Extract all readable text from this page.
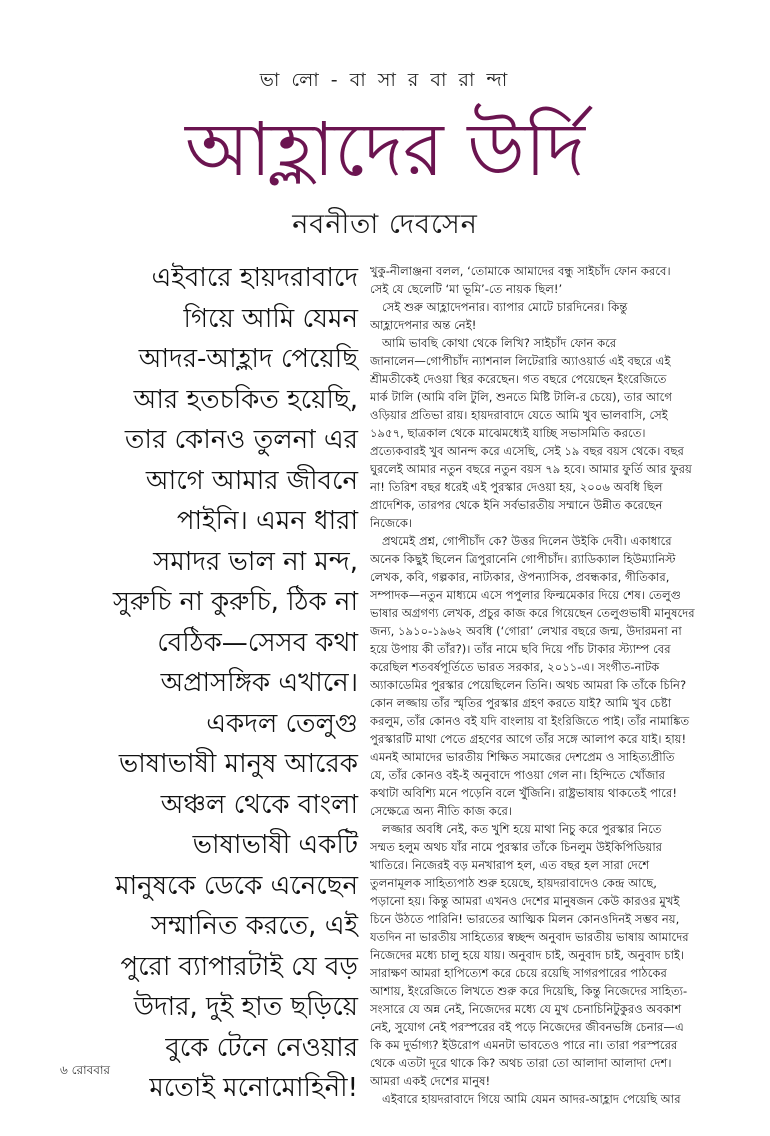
ভা লো - বা সা র বা রা ন্দা
আহ্লাদের উর্দি
নবনীতা দেবসেন
এইবারে হায়দরাবাদে
গিয়ে আমি যেমন
আদর-আহ্লাদ পেয়েছি
আর হতচকিত হয়েছি,
তার কোনও তুলনা এর
আগে আমার জীবনে
পাইনি। এমন ধারা
সমাদর ভাল না মন্দ,
সুরুচি না কুরুচি, ঠিক না
বেঠিক—সেসব কথা
অপ্রাসঙ্গিক এখানে।
একদল তেলুগু
ভাষাভাষী মানুষ আরেক
অঞ্চল থেকে বাংলা
ভাষাভাষী একটি
মানুষকে ডেকে এনেছেন
সম্মানিত করতে, এই
পুরো ব্যাপারটাই যে বড়
উদার, দুই হাত ছড়িয়ে
বুকে টেনে নেওয়ার
মতোই মনোমোহিনী!
খুকু-নীলাঞ্জনা বলল, ‘তোমাকে আমাদের বন্ধু সাইচাঁদ ফোন করবে।
সেই যে ছেলেটি ‘মা ভূমি’-তে নায়ক ছিল!’
সেই শুরু আহ্লাদেপনার। ব্যাপার মোটে চারদিনের। কিন্তু
আহ্লাদেপনার অন্ত নেই!
আমি ভাবছি কোথা থেকে লিখি? সাইচাঁদ ফোন করে
জানালেন—গোপীচাঁদ ন্যাশনাল লিটেরারি অ্যাওয়ার্ড এই বছরে এই
শ্রীমতীকেই দেওয়া স্থির করেছেন। গত বছরে পেয়েছেন ইংরেজিতে
মার্ক টালি (আমি বলি টুলি, শুনতে মিষ্টি টালি-র চেয়ে), তার আগে
ওড়িয়ার প্রতিভা রায়। হায়দরাবাদে যেতে আমি খুব ভালবাসি, সেই
১৯৫৭, ছাত্রকাল থেকে মাঝেমধ্যেই যাচ্ছি সভাসমিতি করতে।
প্রত্যেকবারই খুব আনন্দ করে এসেছি, সেই ১৯ বছর বয়স থেকে। বছর
ঘুরলেই আমার নতুন বছরে নতুন বয়স ৭৯ হবে। আমার ফুর্তি আর ফুরয়
না! তিরিশ বছর ধরেই এই পুরস্কার দেওয়া হয়, ২০০৬ অবধি ছিল
প্রাদেশিক, তারপর থেকে ইনি সর্বভারতীয় সম্মানে উন্নীত করেছেন
নিজেকে।
প্রথমেই প্রশ্ন, গোপীচাঁদ কে? উত্তর দিলেন উইকি দেবী। একাধারে
অনেক কিছুই ছিলেন ত্রিপুরানেনি গোপীচাঁদ। র‍্যাডিক্যাল হিউম্যানিস্ট
লেখক, কবি, গল্পকার, নাট্যকার, ঔপন্যাসিক, প্রবন্ধকার, গীতিকার,
সম্পাদক—নতুন মাধ্যমে এসে পপুলার ফিল্মমেকার দিয়ে শেষ। তেলুগু
ভাষার অগ্রগণ্য লেখক, প্রচুর কাজ করে গিয়েছেন তেলুগুভাষী মানুষদের
জন্য, ১৯১০-১৯৬২ অবধি (‘গোরা’ লেখার বছরে জন্ম, উদারমনা না
হয়ে উপায় কী তাঁর?)। তাঁর নামে ছবি দিয়ে পাঁচ টাকার স্ট্যাম্প বের
করেছিল শতবর্ষপূর্তিতে ভারত সরকার, ২০১১-এ। সংগীত-নাটক
অ্যাকাডেমির পুরস্কার পেয়েছিলেন তিনি। অথচ আমরা কি তাঁকে চিনি?
কোন লজ্জায় তাঁর স্মৃতির পুরস্কার গ্রহণ করতে যাই? আমি খুব চেষ্টা
করলুম, তাঁর কোনও বই যদি বাংলায় বা ইংরিজিতে পাই। তাঁর নামাঙ্কিত
পুরস্কারটি মাথা পেতে গ্রহণের আগে তাঁর সঙ্গে আলাপ করে যাই। হায়!
এমনই আমাদের ভারতীয় শিক্ষিত সমাজের দেশপ্রেম ও সাহিত্যপ্রীতি
যে, তাঁর কোনও বই-ই অনুবাদে পাওয়া গেল না। হিন্দিতে খোঁজার
কথাটা অবিশ্যি মনে পড়েনি বলে খুঁজিনি। রাষ্ট্রভাষায় থাকতেই পারে!
সেক্ষেত্রে অন্য নীতি কাজ করে।
লজ্জার অবধি নেই, কত খুশি হয়ে মাথা নিচু করে পুরস্কার নিতে
সম্মত হলুম অথচ যাঁর নামে পুরস্কার তাঁকে চিনলুম উইকিপিডিয়ার
খাতিরে। নিজেরই বড় মনখারাপ হল, এত বছর হল সারা দেশে
তুলনামূলক সাহিত্যপাঠ শুরু হয়েছে, হায়দরাবাদেও কেন্দ্র আছে,
পড়ানো হয়। কিন্তু আমরা এখনও দেশের মানুষজন কেউ কারওর মুখই
চিনে উঠতে পারিনি! ভারতের আত্মিক মিলন কোনওদিনই সম্ভব নয়,
যতদিন না ভারতীয় সাহিত্যের স্বচ্ছন্দ অনুবাদ ভারতীয় ভাষায় আমাদের
নিজেদের মধ্যে চালু হয়ে যায়। অনুবাদ চাই, অনুবাদ চাই, অনুবাদ চাই।
সারাক্ষণ আমরা হাপিত্যেশ করে চেয়ে রয়েছি সাগরপারের পাঠকের
আশায়, ইংরেজিতে লিখতে শুরু করে দিয়েছি, কিন্তু নিজেদের সাহিত্য-
সংসারে যে অন্ন নেই, নিজেদের মধ্যে যে মুখ চেনাচিনিটুকুরও অবকাশ
নেই, সুযোগ নেই পরস্পরের বই পড়ে নিজেদের জীবনভঙ্গি চেনার—এ
কি কম দুর্ভাগ্য? ইউরোপ এমনটা ভাবতেও পারে না। তারা পরস্পরের
থেকে এতটা দূরে থাকে কি? অথচ তারা তো আলাদা আলাদা দেশ।
আমরা একই দেশের মানুষ!
এইবারে হায়দরাবাদে গিয়ে আমি যেমন আদর-আহ্লাদ পেয়েছি আর
৬ রোববার
